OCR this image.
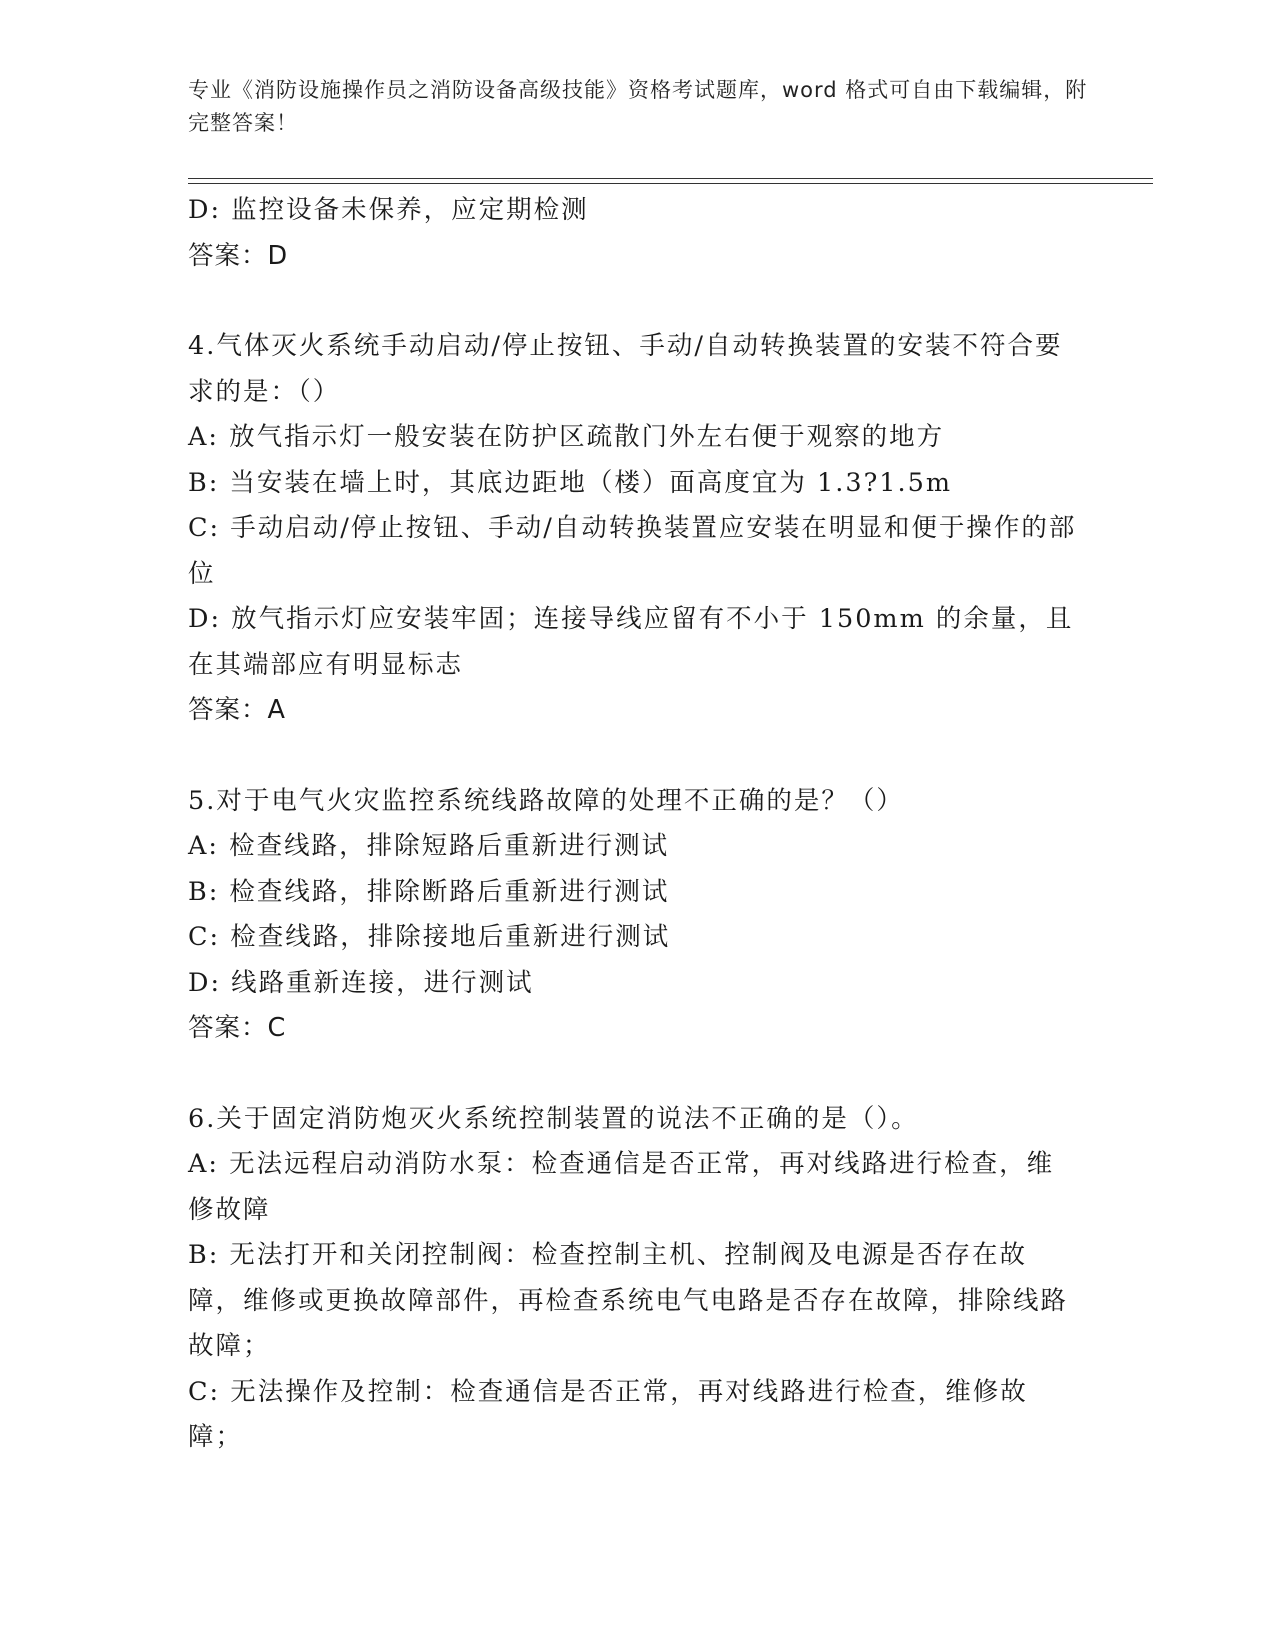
专业《消防设施操作员之消防设备高级技能》资格考试题库，word 格式可自由下载编辑，附完整答案！
D: 监控设备未保养，应定期检测
答案：D
4.气体灭火系统手动启动/停止按钮、手动/自动转换装置的安装不符合要求的是：（）
A: 放气指示灯一般安装在防护区疏散门外左右便于观察的地方
B: 当安装在墙上时，其底边距地（楼）面高度宜为 1.3?1.5m
C: 手动启动/停止按钮、手动/自动转换装置应安装在明显和便于操作的部位
D: 放气指示灯应安装牢固；连接导线应留有不小于 150mm 的余量，且在其端部应有明显标志
答案：A
5.对于电气火灾监控系统线路故障的处理不正确的是？（）
A: 检查线路，排除短路后重新进行测试
B: 检查线路，排除断路后重新进行测试
C: 检查线路，排除接地后重新进行测试
D: 线路重新连接，进行测试
答案：C
6.关于固定消防炮灭火系统控制装置的说法不正确的是（）。
A: 无法远程启动消防水泵：检查通信是否正常，再对线路进行检查，维修故障
B: 无法打开和关闭控制阀：检查控制主机、控制阀及电源是否存在故障，维修或更换故障部件，再检查系统电气电路是否存在故障，排除线路故障；
C: 无法操作及控制：检查通信是否正常，再对线路进行检查，维修故障；
